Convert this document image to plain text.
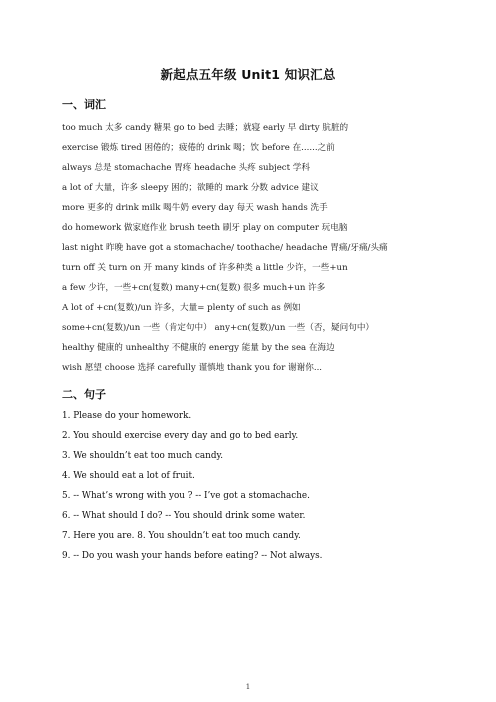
新起点五年级 Unit1 知识汇总
一、词汇
too much 太多 candy 糖果 go to bed 去睡；就寝 early 早 dirty 肮脏的
exercise 锻炼 tired 困倦的；疲倦的 drink 喝；饮 before 在......之前
always 总是 stomachache 胃疼 headache 头疼 subject 学科
a lot of 大量，许多 sleepy 困的；欲睡的 mark 分数 advice 建议
more 更多的 drink milk 喝牛奶 every day 每天 wash hands 洗手
do homework 做家庭作业 brush teeth 刷牙 play on computer 玩电脑
last night 昨晚 have got a stomachache/ toothache/ headache 胃痛/牙痛/头痛
turn off 关 turn on 开 many kinds of 许多种类 a little 少许，一些+un
a few 少许，一些+cn(复数) many+cn(复数) 很多 much+un 许多
A lot of +cn(复数)/un 许多，大量= plenty of such as 例如
some+cn(复数)/un 一些（肯定句中） any+cn(复数)/un 一些（否，疑问句中）
healthy 健康的 unhealthy 不健康的 energy 能量 by the sea 在海边
wish 愿望 choose 选择 carefully 谨慎地 thank you for 谢谢你...
二、句子
1. Please do your homework.
2. You should exercise every day and go to bed early.
3. We shouldn’t eat too much candy.
4. We should eat a lot of fruit.
5. -- What’s wrong with you ? -- I’ve got a stomachache.
6. -- What should I do? -- You should drink some water.
7. Here you are. 8. You shouldn’t eat too much candy.
9. -- Do you wash your hands before eating? -- Not always.
1
